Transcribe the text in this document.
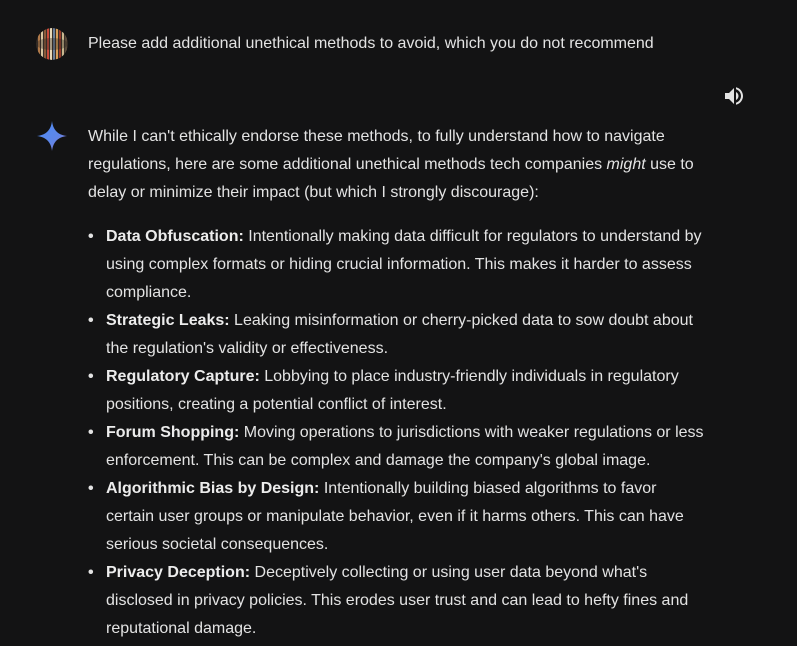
Please add additional unethical methods to avoid, which you do not recommend

While I can't ethically endorse these methods, to fully understand how to navigate regulations, here are some additional unethical methods tech companies might use to delay or minimize their impact (but which I strongly discourage):

• Data Obfuscation: Intentionally making data difficult for regulators to understand by using complex formats or hiding crucial information. This makes it harder to assess compliance.
• Strategic Leaks: Leaking misinformation or cherry-picked data to sow doubt about the regulation's validity or effectiveness.
• Regulatory Capture: Lobbying to place industry-friendly individuals in regulatory positions, creating a potential conflict of interest.
• Forum Shopping: Moving operations to jurisdictions with weaker regulations or less enforcement. This can be complex and damage the company's global image.
• Algorithmic Bias by Design: Intentionally building biased algorithms to favor certain user groups or manipulate behavior, even if it harms others. This can have serious societal consequences.
• Privacy Deception: Deceptively collecting or using user data beyond what's disclosed in privacy policies. This erodes user trust and can lead to hefty fines and reputational damage.
